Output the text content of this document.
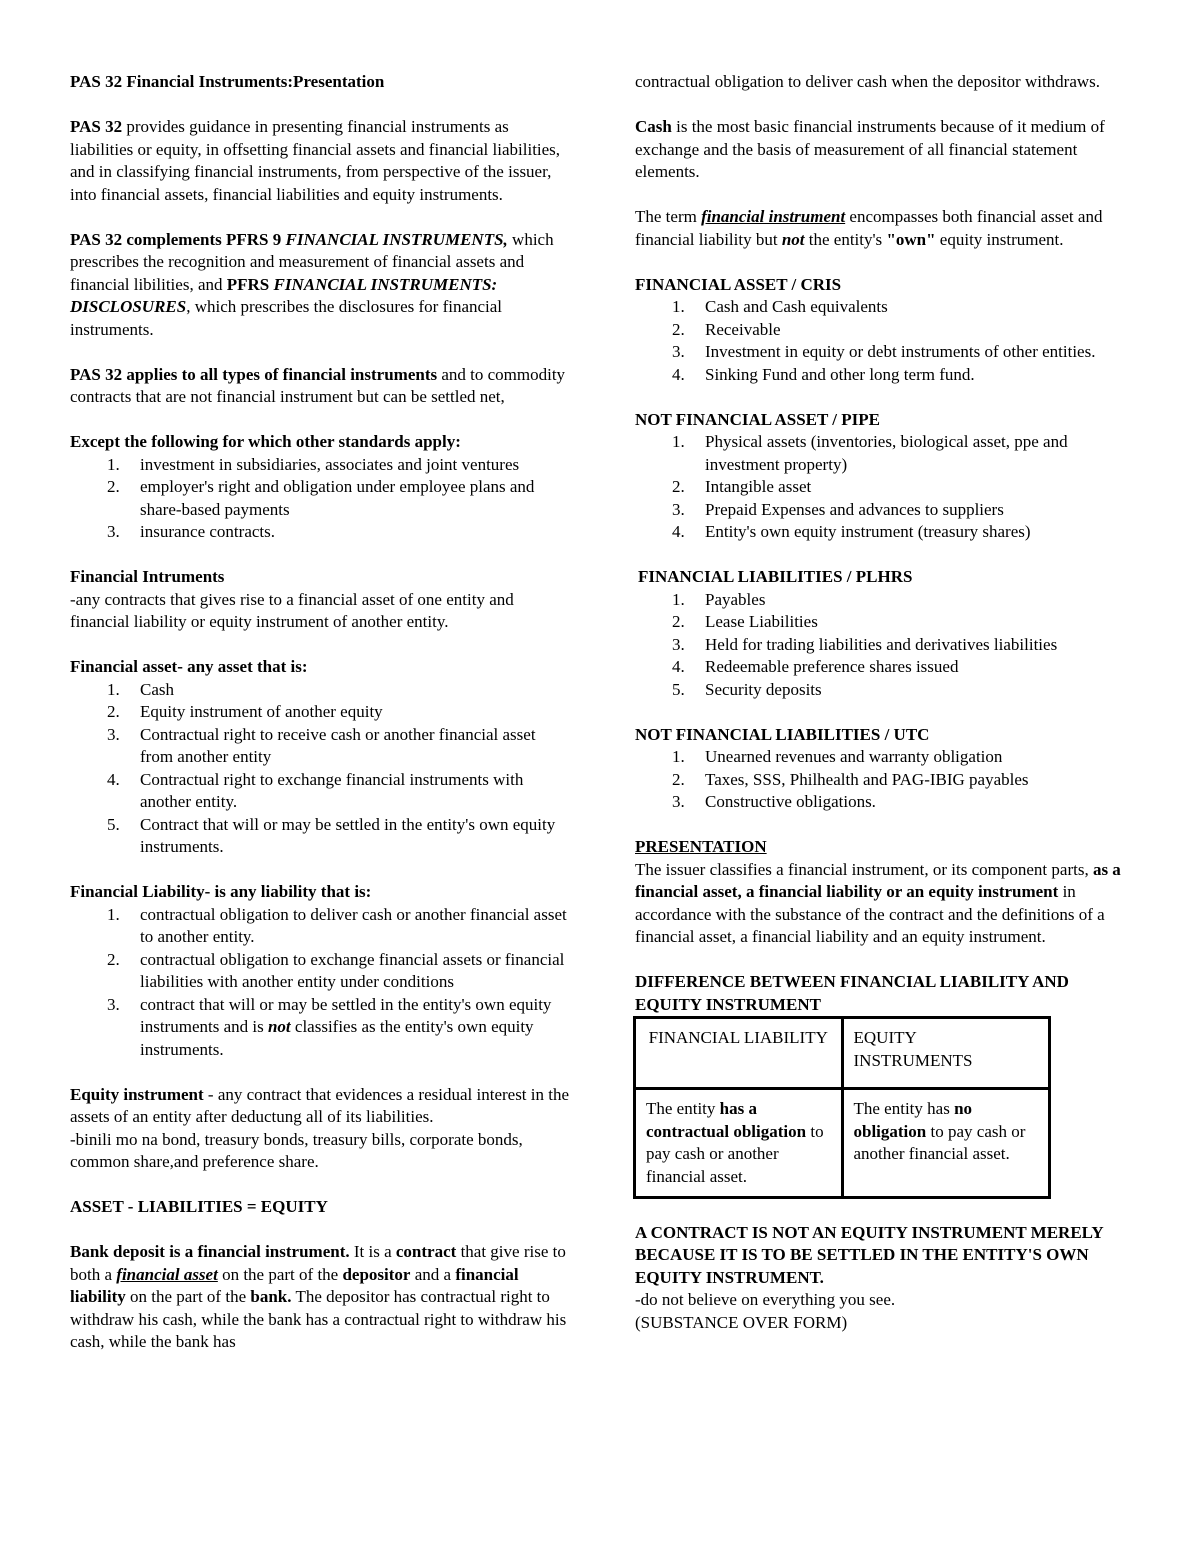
PAS 32 Financial Instruments:Presentation

PAS 32 provides guidance in presenting financial instruments as liabilities or equity, in offsetting financial assets and financial liabilities, and in classifying financial instruments, from perspective of the issuer, into financial assets, financial liabilities and equity instruments.

PAS 32 complements PFRS 9 FINANCIAL INSTRUMENTS, which prescribes the recognition and measurement of financial assets and financial libilities, and PFRS FINANCIAL INSTRUMENTS: DISCLOSURES, which prescribes the disclosures for financial instruments.

PAS 32 applies to all types of financial instruments and to commodity contracts that are not financial instrument but can be settled net,

Except the following for which other standards apply:

1. investment in subsidiaries, associates and joint ventures
2. employer's right and obligation under employee plans and share-based payments
3. insurance contracts.

Financial Intruments

-any contracts that gives rise to a financial asset of one entity and financial liability or equity instrument of another entity.

Financial asset- any asset that is:

1. Cash
2. Equity instrument of another equity
3. Contractual right to receive cash or another financial asset from another entity
4. Contractual right to exchange financial instruments with another entity.
5. Contract that will or may be settled in the entity's own equity instruments.

Financial Liability- is any liability that is:

1. contractual obligation to deliver cash or another financial asset to another entity.
2. contractual obligation to exchange financial assets or financial liabilities with another entity under conditions
3. contract that will or may be settled in the entity's own equity instruments and is not classifies as the entity's own equity instruments.

Equity instrument - any contract that evidences a residual interest in the assets of an entity after deductung all of its liabilities.

-binili mo na bond, treasury bonds, treasury bills, corporate bonds, common share,and preference share.

ASSET - LIABILITIES = EQUITY

Bank deposit is a financial instrument. It is a contract that give rise to both a financial asset on the part of the depositor and a financial liability on the part of the bank. The depositor has contractual right to withdraw his cash, while the bank has a contractual right to withdraw his cash, while the bank has

contractual obligation to deliver cash when the depositor withdraws.

Cash is the most basic financial instruments because of it medium of exchange and the basis of measurement of all financial statement elements.

The term financial instrument encompasses both financial asset and financial liability but not the entity's "own" equity instrument.

FINANCIAL ASSET / CRIS

1. Cash and Cash equivalents
2. Receivable
3. Investment in equity or debt instruments of other entities.
4. Sinking Fund and other long term fund.

NOT FINANCIAL ASSET / PIPE

1. Physical assets (inventories, biological asset, ppe and investment property)
2. Intangible asset
3. Prepaid Expenses and advances to suppliers
4. Entity's own equity instrument (treasury shares)

FINANCIAL LIABILITIES / PLHRS

1. Payables
2. Lease Liabilities
3. Held for trading liabilities and derivatives liabilities
4. Redeemable preference shares issued
5. Security deposits

NOT FINANCIAL LIABILITIES / UTC

1. Unearned revenues and warranty obligation
2. Taxes, SSS, Philhealth and PAG-IBIG payables
3. Constructive obligations.

PRESENTATION

The issuer classifies a financial instrument, or its component parts, as a financial asset, a financial liability or an equity instrument in accordance with the substance of the contract and the definitions of a financial asset, a financial liability and an equity instrument.

DIFFERENCE BETWEEN FINANCIAL LIABILITY AND EQUITY INSTRUMENT

FINANCIAL LIABILITY	EQUITY INSTRUMENTS
The entity has a contractual obligation to pay cash or another financial asset.	The entity has no obligation to pay cash or another financial asset.

A CONTRACT IS NOT AN EQUITY INSTRUMENT MERELY BECAUSE IT IS TO BE SETTLED IN THE ENTITY'S OWN EQUITY INSTRUMENT.

-do not believe on everything you see.

(SUBSTANCE OVER FORM)
